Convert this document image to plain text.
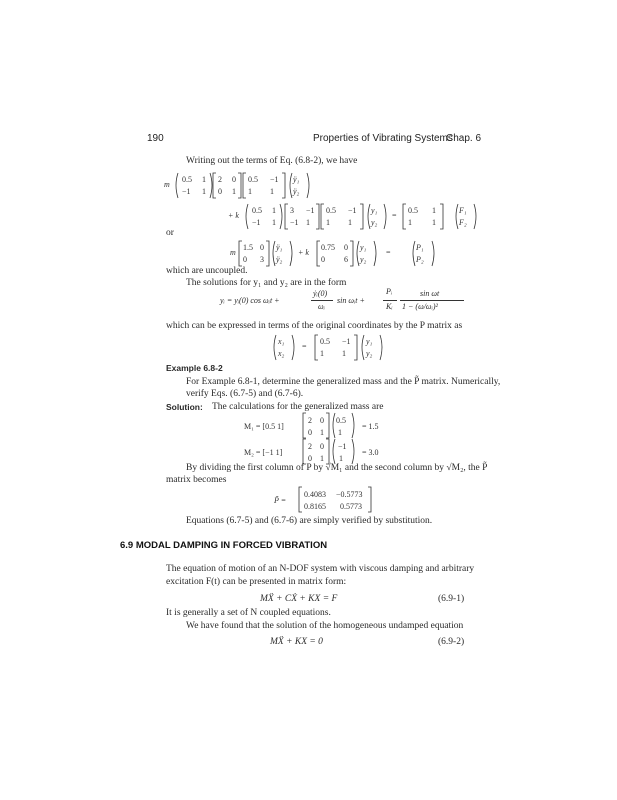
190	Properties of Vibrating Systems
Chap. 6
Writing out the terms of Eq. (6.8-2), we have
m
0.5 1
−1 1
2 0
0 1
0.5 −1
1 1
ÿ₁
ÿ₂
+ k
0.5 1
−1 1
3 −1
−1 1
0.5 −1
1 1
y₁
y₂
=
0.5 1
1	1
F₁
F₂
or
m
1.5 0
0 3
ÿ₁
ÿ₂
+ k
0.75 0
0 6
y₁
y₂
=
P₁
P₂
which are uncoupled.
The solutions for y₁ and y₂ are in the form
yᵢ = yᵢ(0) cos ωᵢt +
ẏᵢ(0)
ωᵢ
sin ωᵢt +
Pᵢ
Kᵢ
sin ωt
1 − (ω/ωᵢ)²
which can be expressed in terms of the original coordinates by the P matrix as
x₁
x₂
=
0.5 −1
1 1
y₁
y₂
Example 6.8-2
For Example 6.8-1, determine the generalized mass and the P̃ matrix. Numerically,
verify Eqs. (6.7-5) and (6.7-6).
Solution: The calculations for the generalized mass are
M₁ = [0.5 1]
2 0
0 1
0.5
1
= 1.5
M₂ = [−1 1]
2 0
0 1
−1
1
= 3.0
By dividing the first column of P by √M₁ and the second column by √M₂, the P̃
matrix becomes
P̃ =
0.4083 −0.5773
0.8165 0.5773
Equations (6.7-5) and (6.7-6) are simply verified by substitution.
6.9 MODAL DAMPING IN FORCED VIBRATION
The equation of motion of an N-DOF system with viscous damping and arbitrary
excitation F(t) can be presented in matrix form:
MẌ + CẊ + KX = F	(6.9-1)
It is generally a set of N coupled equations.
We have found that the solution of the homogeneous undamped equation
MẌ + KX = 0	(6.9-2)
